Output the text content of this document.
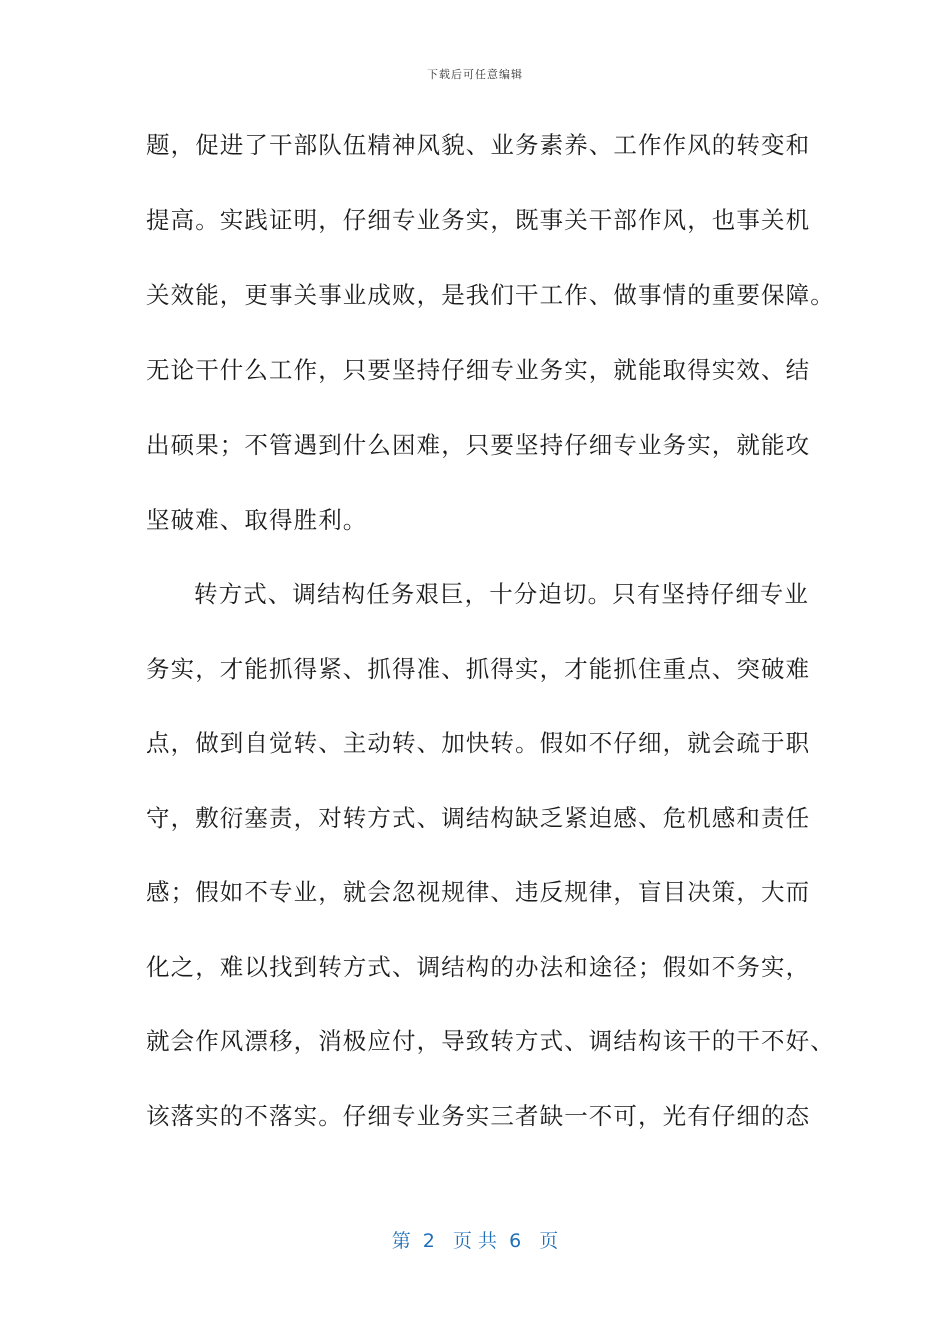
下载后可任意编辑
题，促进了干部队伍精神风貌、业务素养、工作作风的转变和
提高。实践证明，仔细专业务实，既事关干部作风，也事关机
关效能，更事关事业成败，是我们干工作、做事情的重要保障。
无论干什么工作，只要坚持仔细专业务实，就能取得实效、结
出硕果；不管遇到什么困难，只要坚持仔细专业务实，就能攻
坚破难、取得胜利。
转方式、调结构任务艰巨，十分迫切。只有坚持仔细专业
务实，才能抓得紧、抓得准、抓得实，才能抓住重点、突破难
点，做到自觉转、主动转、加快转。假如不仔细，就会疏于职
守，敷衍塞责，对转方式、调结构缺乏紧迫感、危机感和责任
感；假如不专业，就会忽视规律、违反规律，盲目决策，大而
化之，难以找到转方式、调结构的办法和途径；假如不务实，
就会作风漂移，消极应付，导致转方式、调结构该干的干不好、
该落实的不落实。仔细专业务实三者缺一不可，光有仔细的态
第  2   页 共  6   页
